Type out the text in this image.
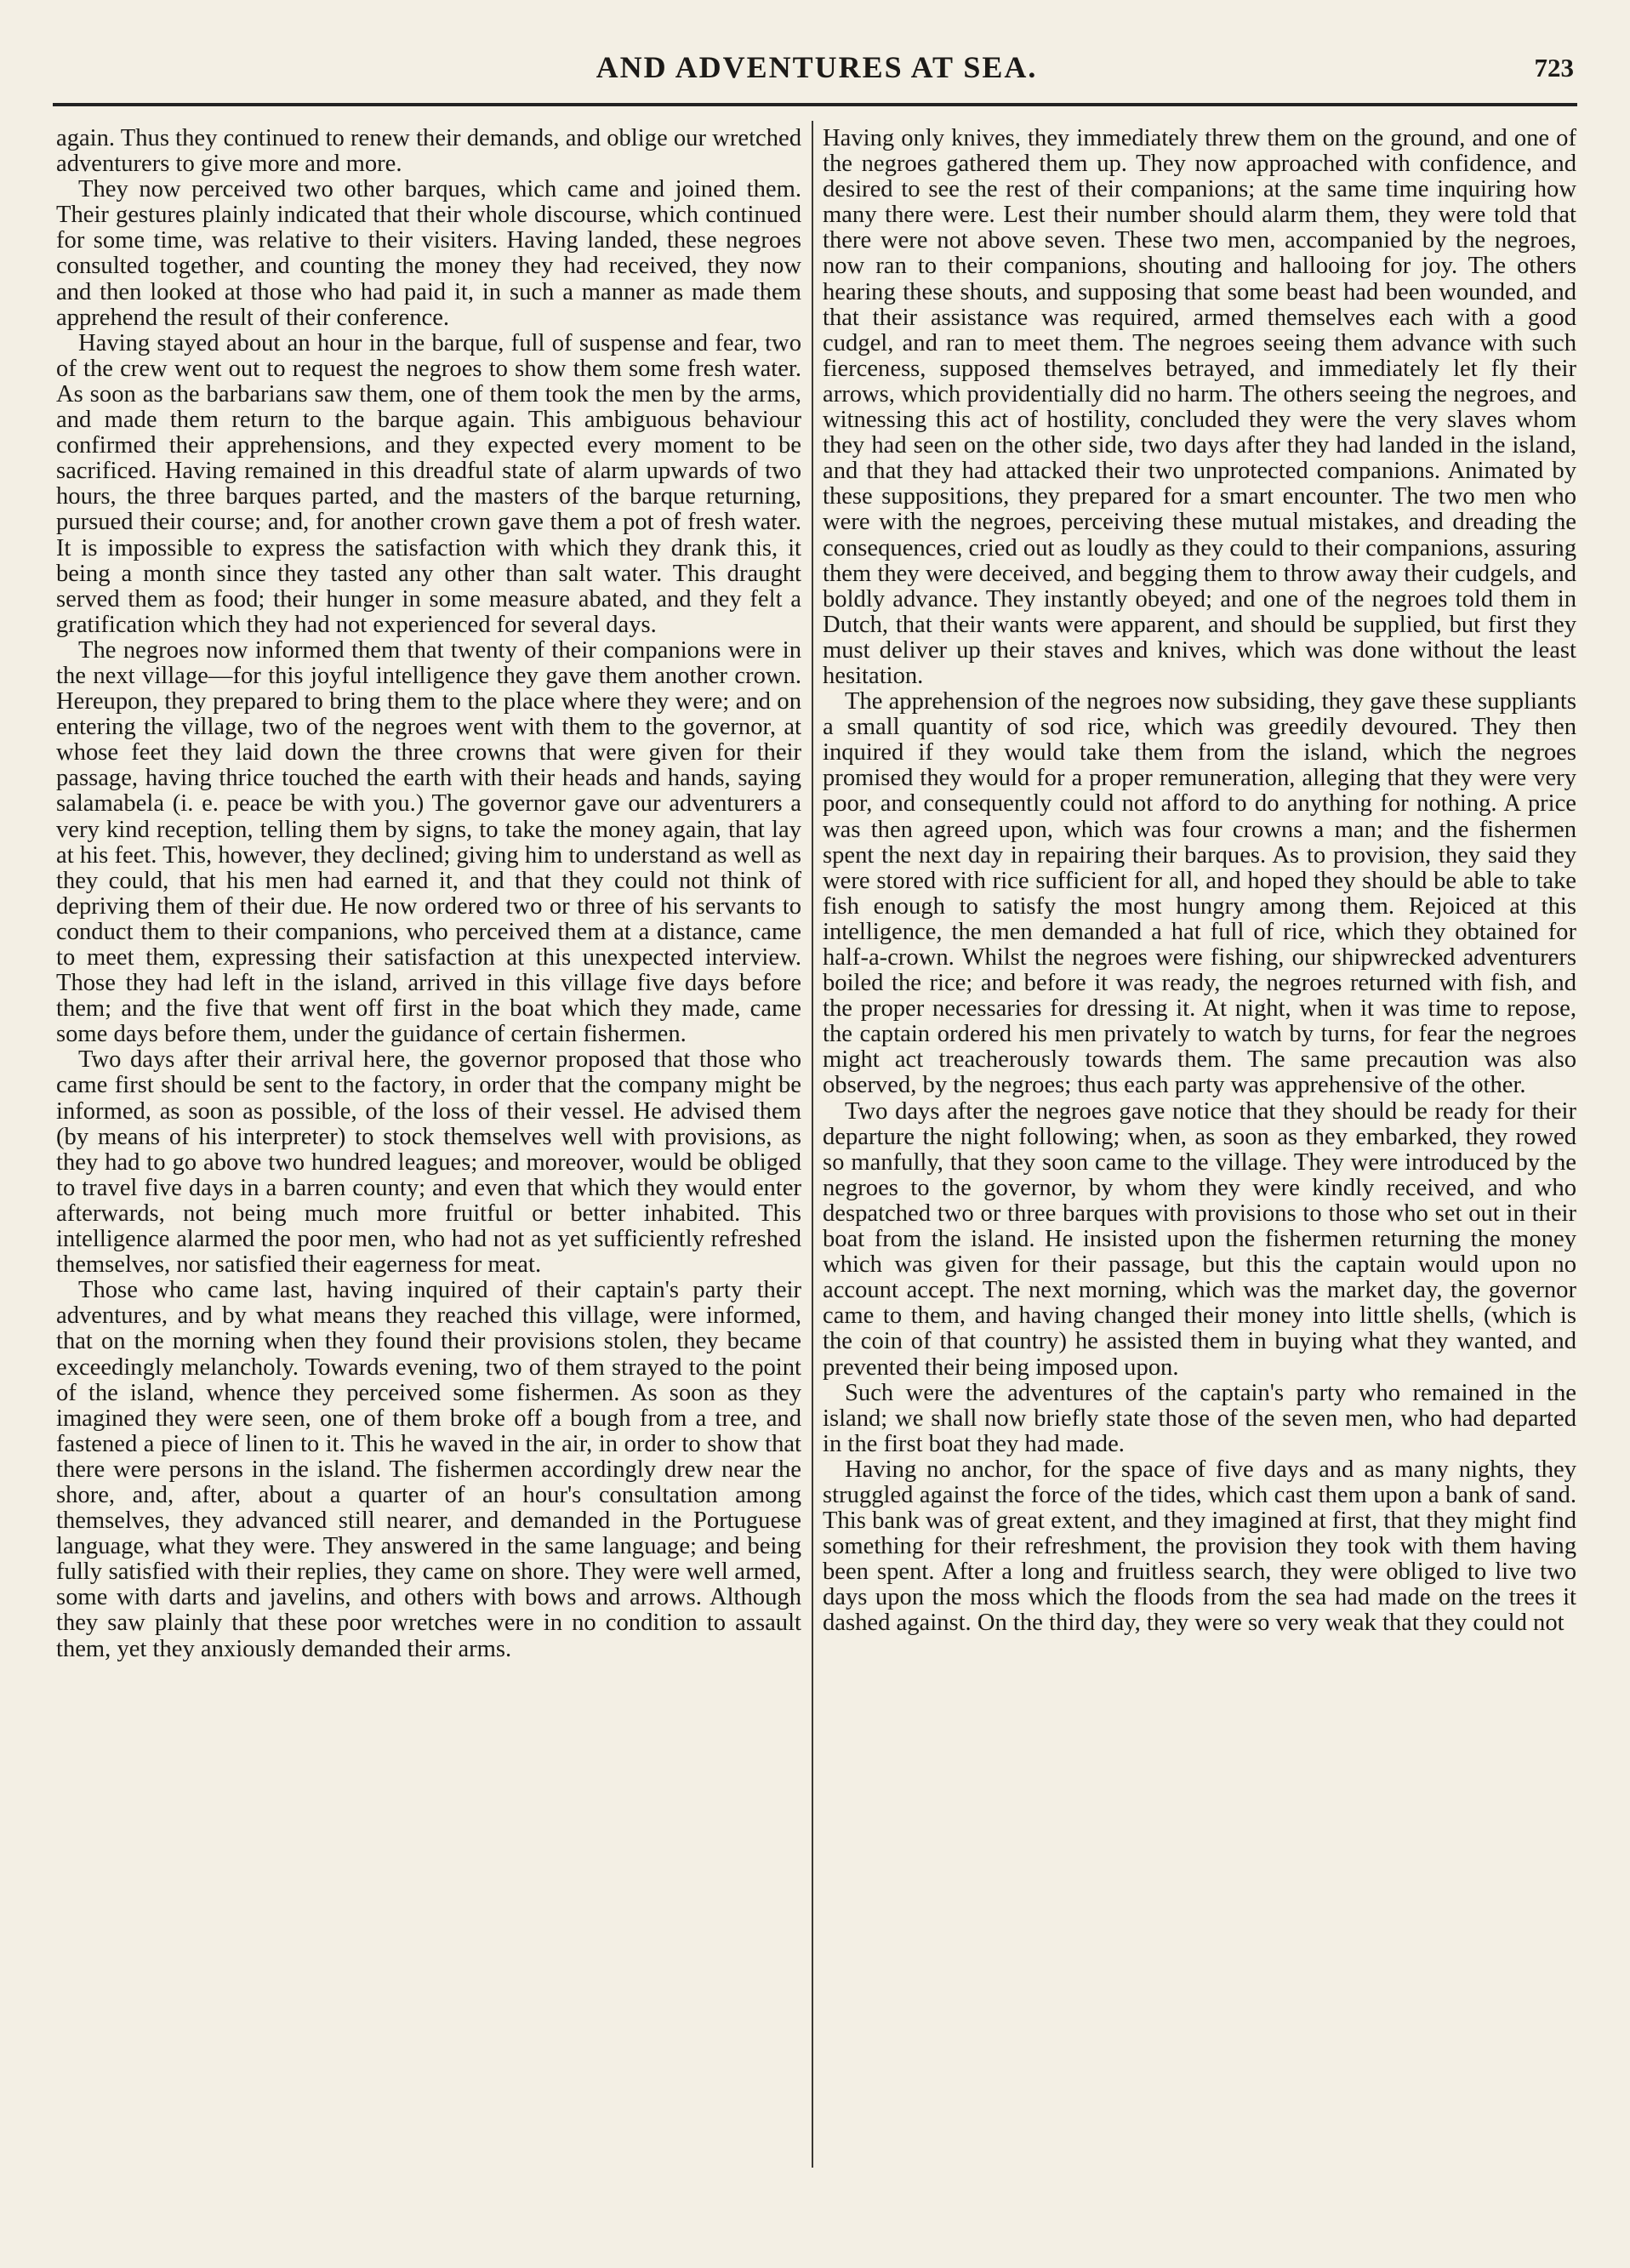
AND ADVENTURES AT SEA.	723

again. Thus they continued to renew their demands, and oblige our wretched adventurers to give more and more.

They now perceived two other barques, which came and joined them. Their gestures plainly indicated that their whole discourse, which continued for some time, was relative to their visiters. Having landed, these negroes consulted together, and counting the money they had received, they now and then looked at those who had paid it, in such a manner as made them apprehend the result of their conference.

Having stayed about an hour in the barque, full of suspense and fear, two of the crew went out to request the negroes to show them some fresh water. As soon as the barbarians saw them, one of them took the men by the arms, and made them return to the barque again. This ambiguous behaviour confirmed their apprehensions, and they expected every moment to be sacrificed. Having remained in this dreadful state of alarm upwards of two hours, the three barques parted, and the masters of the barque returning, pursued their course; and, for another crown gave them a pot of fresh water. It is impossible to express the satisfaction with which they drank this, it being a month since they tasted any other than salt water. This draught served them as food; their hunger in some measure abated, and they felt a gratification which they had not experienced for several days.

The negroes now informed them that twenty of their companions were in the next village—for this joyful intelligence they gave them another crown. Hereupon, they prepared to bring them to the place where they were; and on entering the village, two of the negroes went with them to the governor, at whose feet they laid down the three crowns that were given for their passage, having thrice touched the earth with their heads and hands, saying salamabela (i. e. peace be with you.) The governor gave our adventurers a very kind reception, telling them by signs, to take the money again, that lay at his feet. This, however, they declined; giving him to understand as well as they could, that his men had earned it, and that they could not think of depriving them of their due. He now ordered two or three of his servants to conduct them to their companions, who perceived them at a distance, came to meet them, expressing their satisfaction at this unexpected interview. Those they had left in the island, arrived in this village five days before them; and the five that went off first in the boat which they made, came some days before them, under the guidance of certain fishermen.

Two days after their arrival here, the governor proposed that those who came first should be sent to the factory, in order that the company might be informed, as soon as possible, of the loss of their vessel. He advised them (by means of his interpreter) to stock themselves well with provisions, as they had to go above two hundred leagues; and moreover, would be obliged to travel five days in a barren county; and even that which they would enter afterwards, not being much more fruitful or better inhabited. This intelligence alarmed the poor men, who had not as yet sufficiently refreshed themselves, nor satisfied their eagerness for meat.

Those who came last, having inquired of their captain's party their adventures, and by what means they reached this village, were informed, that on the morning when they found their provisions stolen, they became exceedingly melancholy. Towards evening, two of them strayed to the point of the island, whence they perceived some fishermen. As soon as they imagined they were seen, one of them broke off a bough from a tree, and fastened a piece of linen to it. This he waved in the air, in order to show that there were persons in the island. The fishermen accordingly drew near the shore, and, after, about a quarter of an hour's consultation among themselves, they advanced still nearer, and demanded in the Portuguese language, what they were. They answered in the same language; and being fully satisfied with their replies, they came on shore. They were well armed, some with darts and javelins, and others with bows and arrows. Although they saw plainly that these poor wretches were in no condition to assault them, yet they anxiously demanded their arms.

Having only knives, they immediately threw them on the ground, and one of the negroes gathered them up. They now approached with confidence, and desired to see the rest of their companions; at the same time inquiring how many there were. Lest their number should alarm them, they were told that there were not above seven. These two men, accompanied by the negroes, now ran to their companions, shouting and hallooing for joy. The others hearing these shouts, and supposing that some beast had been wounded, and that their assistance was required, armed themselves each with a good cudgel, and ran to meet them. The negroes seeing them advance with such fierceness, supposed themselves betrayed, and immediately let fly their arrows, which providentially did no harm. The others seeing the negroes, and witnessing this act of hostility, concluded they were the very slaves whom they had seen on the other side, two days after they had landed in the island, and that they had attacked their two unprotected companions. Animated by these suppositions, they prepared for a smart encounter. The two men who were with the negroes, perceiving these mutual mistakes, and dreading the consequences, cried out as loudly as they could to their companions, assuring them they were deceived, and begging them to throw away their cudgels, and boldly advance. They instantly obeyed; and one of the negroes told them in Dutch, that their wants were apparent, and should be supplied, but first they must deliver up their staves and knives, which was done without the least hesitation.

The apprehension of the negroes now subsiding, they gave these suppliants a small quantity of sod rice, which was greedily devoured. They then inquired if they would take them from the island, which the negroes promised they would for a proper remuneration, alleging that they were very poor, and consequently could not afford to do anything for nothing. A price was then agreed upon, which was four crowns a man; and the fishermen spent the next day in repairing their barques. As to provision, they said they were stored with rice sufficient for all, and hoped they should be able to take fish enough to satisfy the most hungry among them. Rejoiced at this intelligence, the men demanded a hat full of rice, which they obtained for half-a-crown. Whilst the negroes were fishing, our shipwrecked adventurers boiled the rice; and before it was ready, the negroes returned with fish, and the proper necessaries for dressing it. At night, when it was time to repose, the captain ordered his men privately to watch by turns, for fear the negroes might act treacherously towards them. The same precaution was also observed, by the negroes; thus each party was apprehensive of the other.

Two days after the negroes gave notice that they should be ready for their departure the night following; when, as soon as they embarked, they rowed so manfully, that they soon came to the village. They were introduced by the negroes to the governor, by whom they were kindly received, and who despatched two or three barques with provisions to those who set out in their boat from the island. He insisted upon the fishermen returning the money which was given for their passage, but this the captain would upon no account accept. The next morning, which was the market day, the governor came to them, and having changed their money into little shells, (which is the coin of that country) he assisted them in buying what they wanted, and prevented their being imposed upon.

Such were the adventures of the captain's party who remained in the island; we shall now briefly state those of the seven men, who had departed in the first boat they had made.

Having no anchor, for the space of five days and as many nights, they struggled against the force of the tides, which cast them upon a bank of sand. This bank was of great extent, and they imagined at first, that they might find something for their refreshment, the provision they took with them having been spent. After a long and fruitless search, they were obliged to live two days upon the moss which the floods from the sea had made on the trees it dashed against. On the third day, they were so very weak that they could not
